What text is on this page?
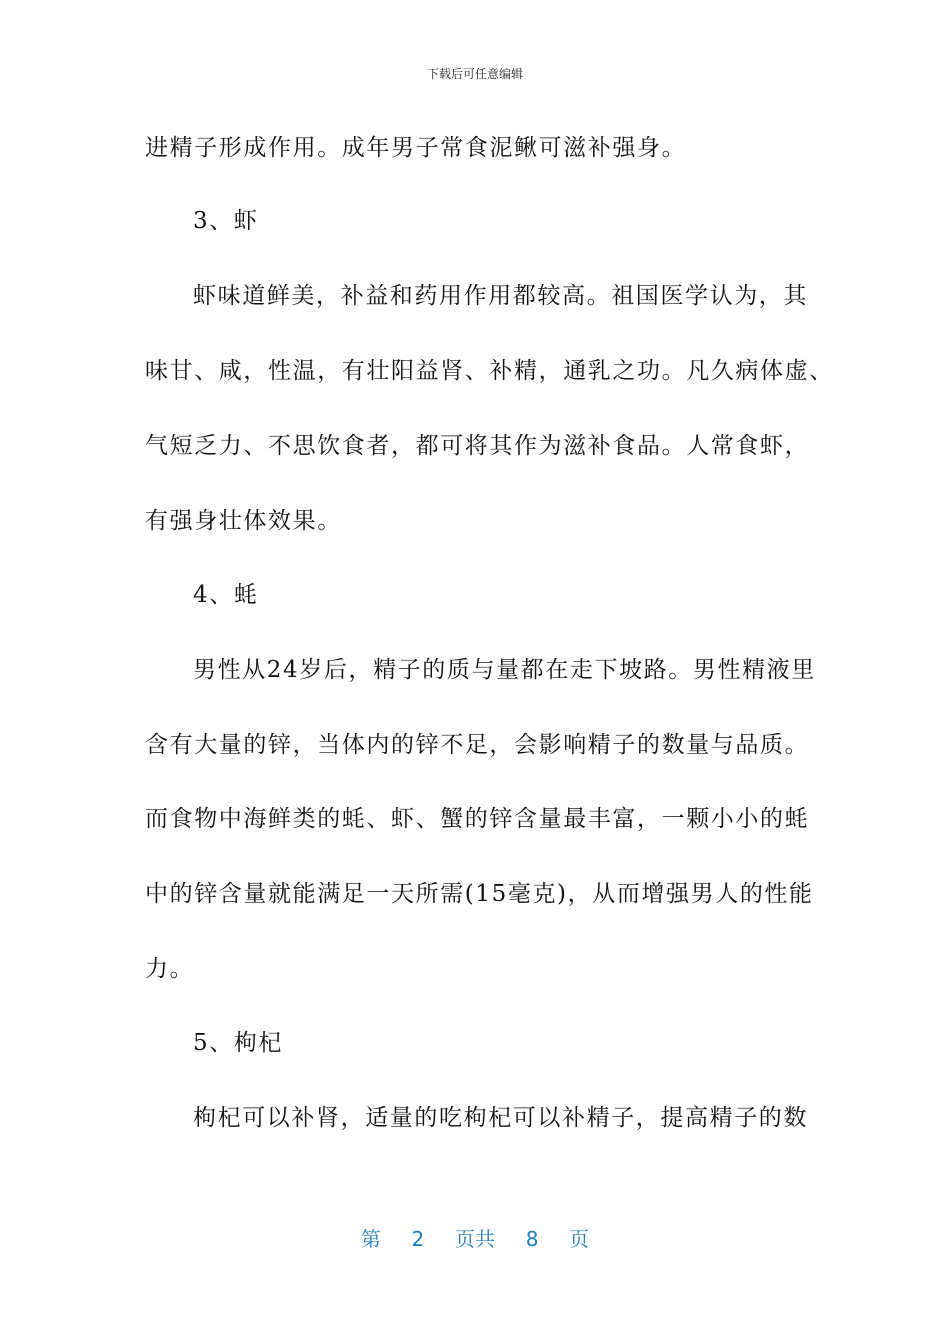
下载后可任意编辑
进精子形成作用。成年男子常食泥鳅可滋补强身。
3、虾
虾味道鲜美，补益和药用作用都较高。祖国医学认为，其
味甘、咸，性温，有壮阳益肾、补精，通乳之功。凡久病体虚、
气短乏力、不思饮食者，都可将其作为滋补食品。人常食虾，
有强身壮体效果。
4、蚝
男性从24岁后，精子的质与量都在走下坡路。男性精液里
含有大量的锌，当体内的锌不足，会影响精子的数量与品质。
而食物中海鲜类的蚝、虾、蟹的锌含量最丰富，一颗小小的蚝
中的锌含量就能满足一天所需(15毫克)，从而增强男人的性能
力。
5、枸杞
枸杞可以补肾，适量的吃枸杞可以补精子，提高精子的数
第 2 页共 8 页
